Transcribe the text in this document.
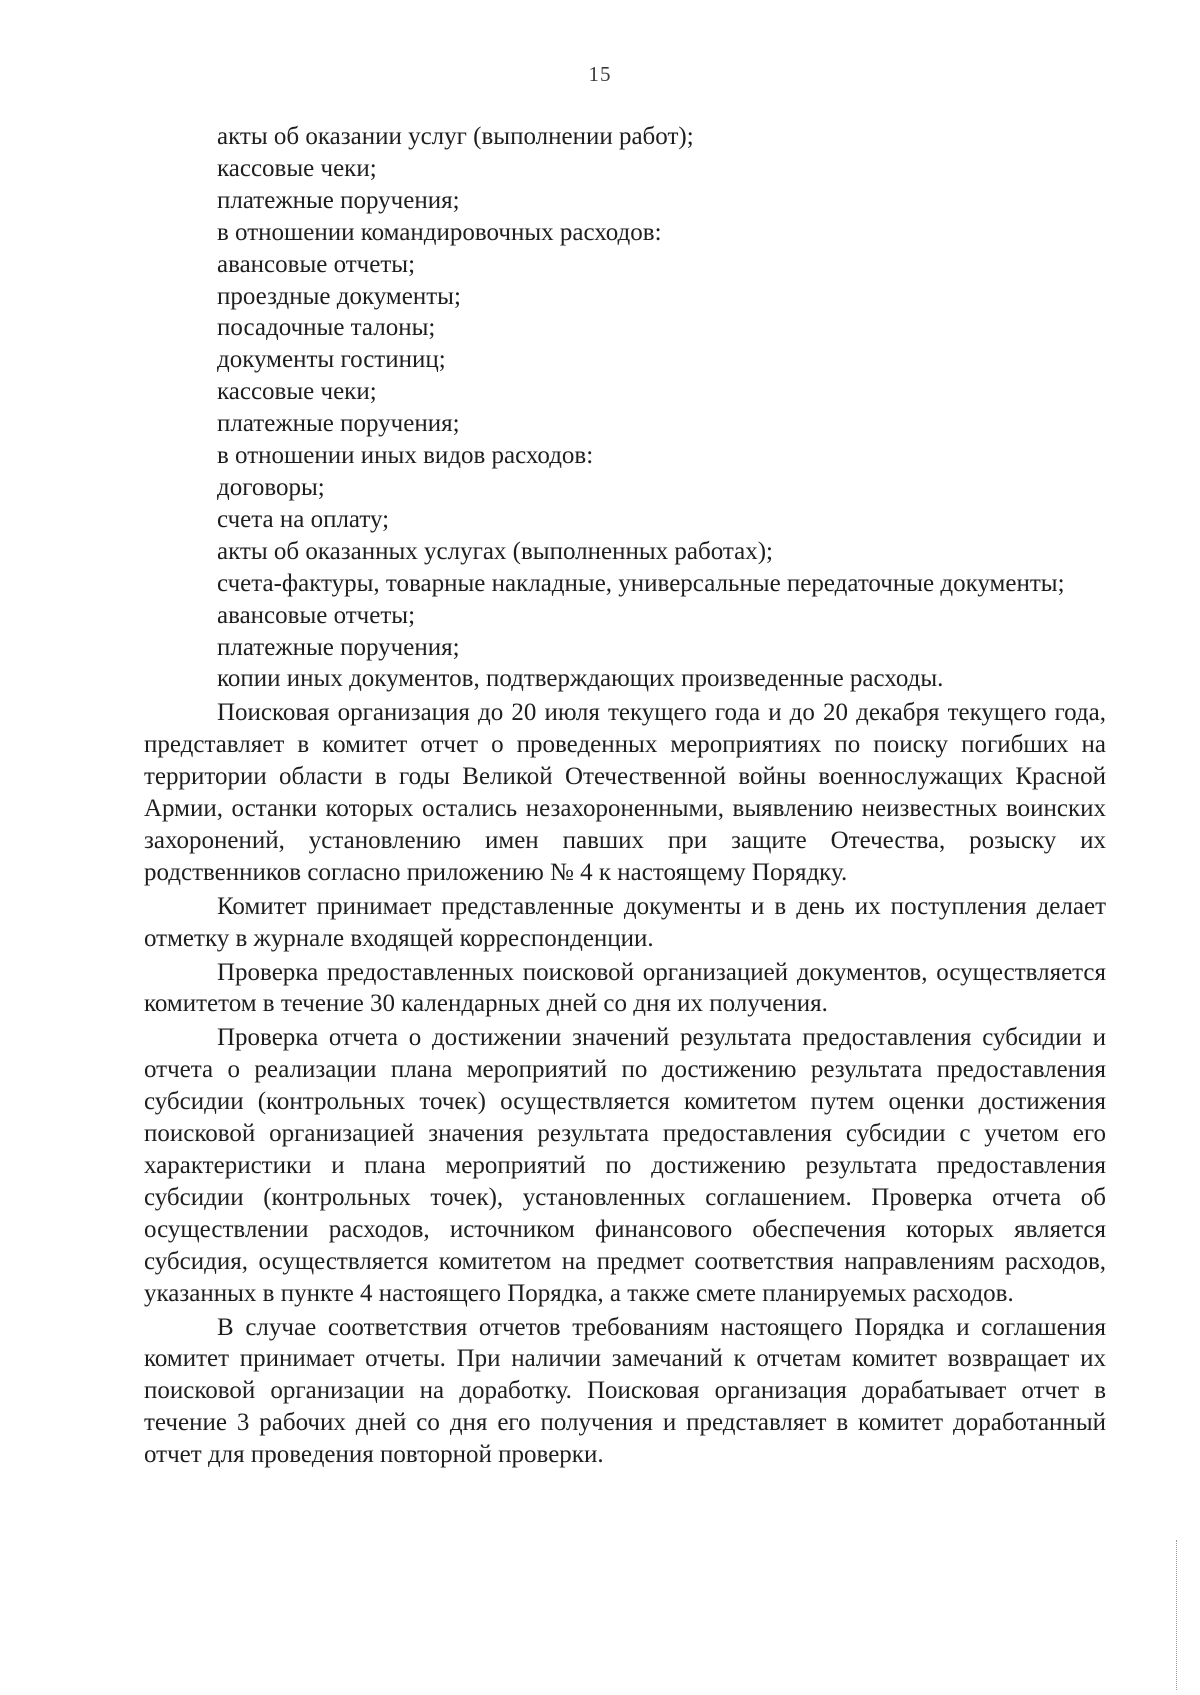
15

акты об оказании услуг (выполнении работ);

кассовые чеки;

платежные поручения;

в отношении командировочных расходов:

авансовые отчеты;

проездные документы;

посадочные талоны;

документы гостиниц;

кассовые чеки;

платежные поручения;

в отношении иных видов расходов:

договоры;

счета на оплату;

акты об оказанных услугах (выполненных работах);

счета-фактуры, товарные накладные, универсальные передаточные документы;

авансовые отчеты;

платежные поручения;

копии иных документов, подтверждающих произведенные расходы.

Поисковая организация до 20 июля текущего года и до 20 декабря текущего года, представляет в комитет отчет о проведенных мероприятиях по поиску погибших на территории области в годы Великой Отечественной войны военнослужащих Красной Армии, останки которых остались незахороненными, выявлению неизвестных воинских захоронений, установлению имен павших при защите Отечества, розыску их родственников согласно приложению № 4 к настоящему Порядку.

Комитет принимает представленные документы и в день их поступления делает отметку в журнале входящей корреспонденции.

Проверка предоставленных поисковой организацией документов, осуществляется комитетом в течение 30 календарных дней со дня их получения.

Проверка отчета о достижении значений результата предоставления субсидии и отчета о реализации плана мероприятий по достижению результата предоставления субсидии (контрольных точек) осуществляется комитетом путем оценки достижения поисковой организацией значения результата предоставления субсидии с учетом его характеристики и плана мероприятий по достижению результата предоставления субсидии (контрольных точек), установленных соглашением. Проверка отчета об осуществлении расходов, источником финансового обеспечения которых является субсидия, осуществляется комитетом на предмет соответствия направлениям расходов, указанных в пункте 4 настоящего Порядка, а также смете планируемых расходов.

В случае соответствия отчетов требованиям настоящего Порядка и соглашения комитет принимает отчеты. При наличии замечаний к отчетам комитет возвращает их поисковой организации на доработку. Поисковая организация дорабатывает отчет в течение 3 рабочих дней со дня его получения и представляет в комитет доработанный отчет для проведения повторной проверки.
